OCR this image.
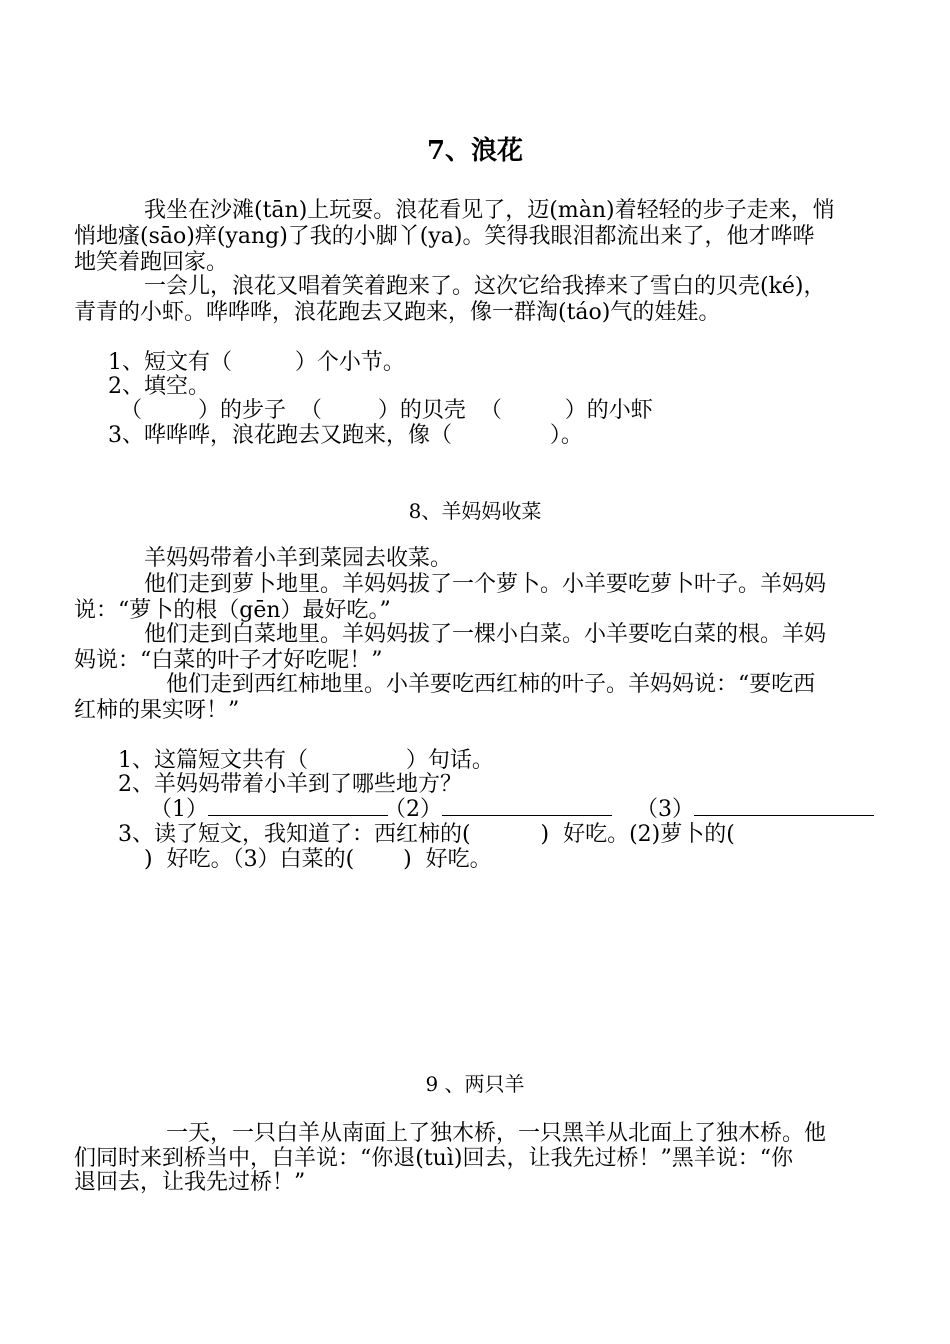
7、浪花
我坐在沙滩(tān)上玩耍。浪花看见了，迈(màn)着轻轻的步子走来，悄
悄地瘙(sāo)痒(yang)了我的小脚丫(ya)。笑得我眼泪都流出来了，他才哗哗
地笑着跑回家。
一会儿，浪花又唱着笑着跑来了。这次它给我捧来了雪白的贝壳(ké)，
青青的小虾。哗哗哗，浪花跑去又跑来，像一群淘(táo)气的娃娃。
1、短文有（         ）个小节。
2、填空。
（        ）的步子  （        ）的贝壳  （         ）的小虾
3、哗哗哗，浪花跑去又跑来，像（              ）。
8、羊妈妈收菜
羊妈妈带着小羊到菜园去收菜。
他们走到萝卜地里。羊妈妈拔了一个萝卜。小羊要吃萝卜叶子。羊妈妈
说：“萝卜的根（gēn）最好吃。”
他们走到白菜地里。羊妈妈拔了一棵小白菜。小羊要吃白菜的根。羊妈
妈说：“白菜的叶子才好吃呢！”
他们走到西红柿地里。小羊要吃西红柿的叶子。羊妈妈说：“要吃西
红柿的果实呀！”
1、这篇短文共有（              ）句话。
2、羊妈妈带着小羊到了哪些地方？
（1）	（2）	（3）
3、读了短文，我知道了：西红柿的(          )  好吃。(2)萝卜的(
)  好吃。（3）白菜的(       )  好吃。
9 、两只羊
一天，一只白羊从南面上了独木桥，一只黑羊从北面上了独木桥。他
们同时来到桥当中，白羊说：“你退(tuì)回去，让我先过桥！”黑羊说：“你
退回去，让我先过桥！”
